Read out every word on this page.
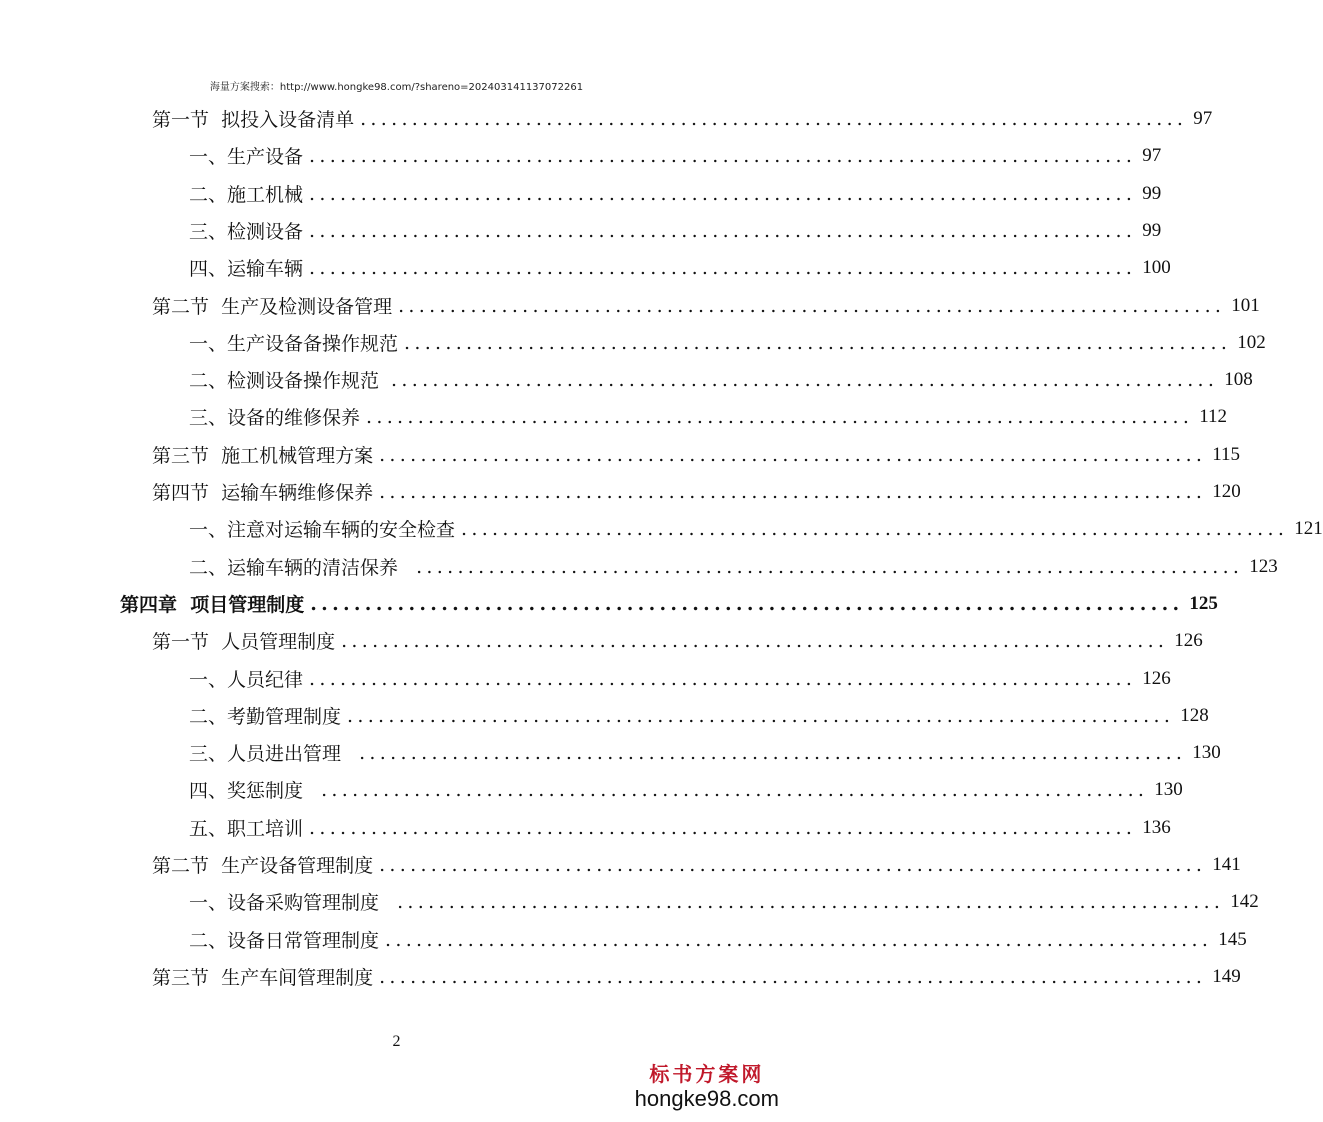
海量方案搜索：http://www.hongke98.com/?shareno=202403141137072261
第一节  拟投入设备清单 ................................................................................ 97
一、生产设备 ................................................................................ 97
二、施工机械 ................................................................................ 99
三、检测设备 ................................................................................ 99
四、运输车辆 ................................................................................ 100
第二节  生产及检测设备管理 ................................................................................ 101
一、生产设备备操作规范 ................................................................................ 102
二、检测设备操作规范 ................................................................................ 108
三、设备的维修保养 ................................................................................ 112
第三节  施工机械管理方案 ................................................................................ 115
第四节  运输车辆维修保养 ................................................................................ 120
一、注意对运输车辆的安全检查 ................................................................................ 121
二、运输车辆的清洁保养 ................................................................................ 123
第四章  项目管理制度 ................................................................................ 125
第一节  人员管理制度 ................................................................................ 126
一、人员纪律 ................................................................................ 126
二、考勤管理制度 ................................................................................ 128
三、人员进出管理 ................................................................................ 130
四、奖惩制度 ................................................................................ 130
五、职工培训 ................................................................................ 136
第二节  生产设备管理制度 ................................................................................ 141
一、设备采购管理制度 ................................................................................ 142
二、设备日常管理制度 ................................................................................ 145
第三节  生产车间管理制度 ................................................................................ 149
2
标书方案网
hongke98.com
